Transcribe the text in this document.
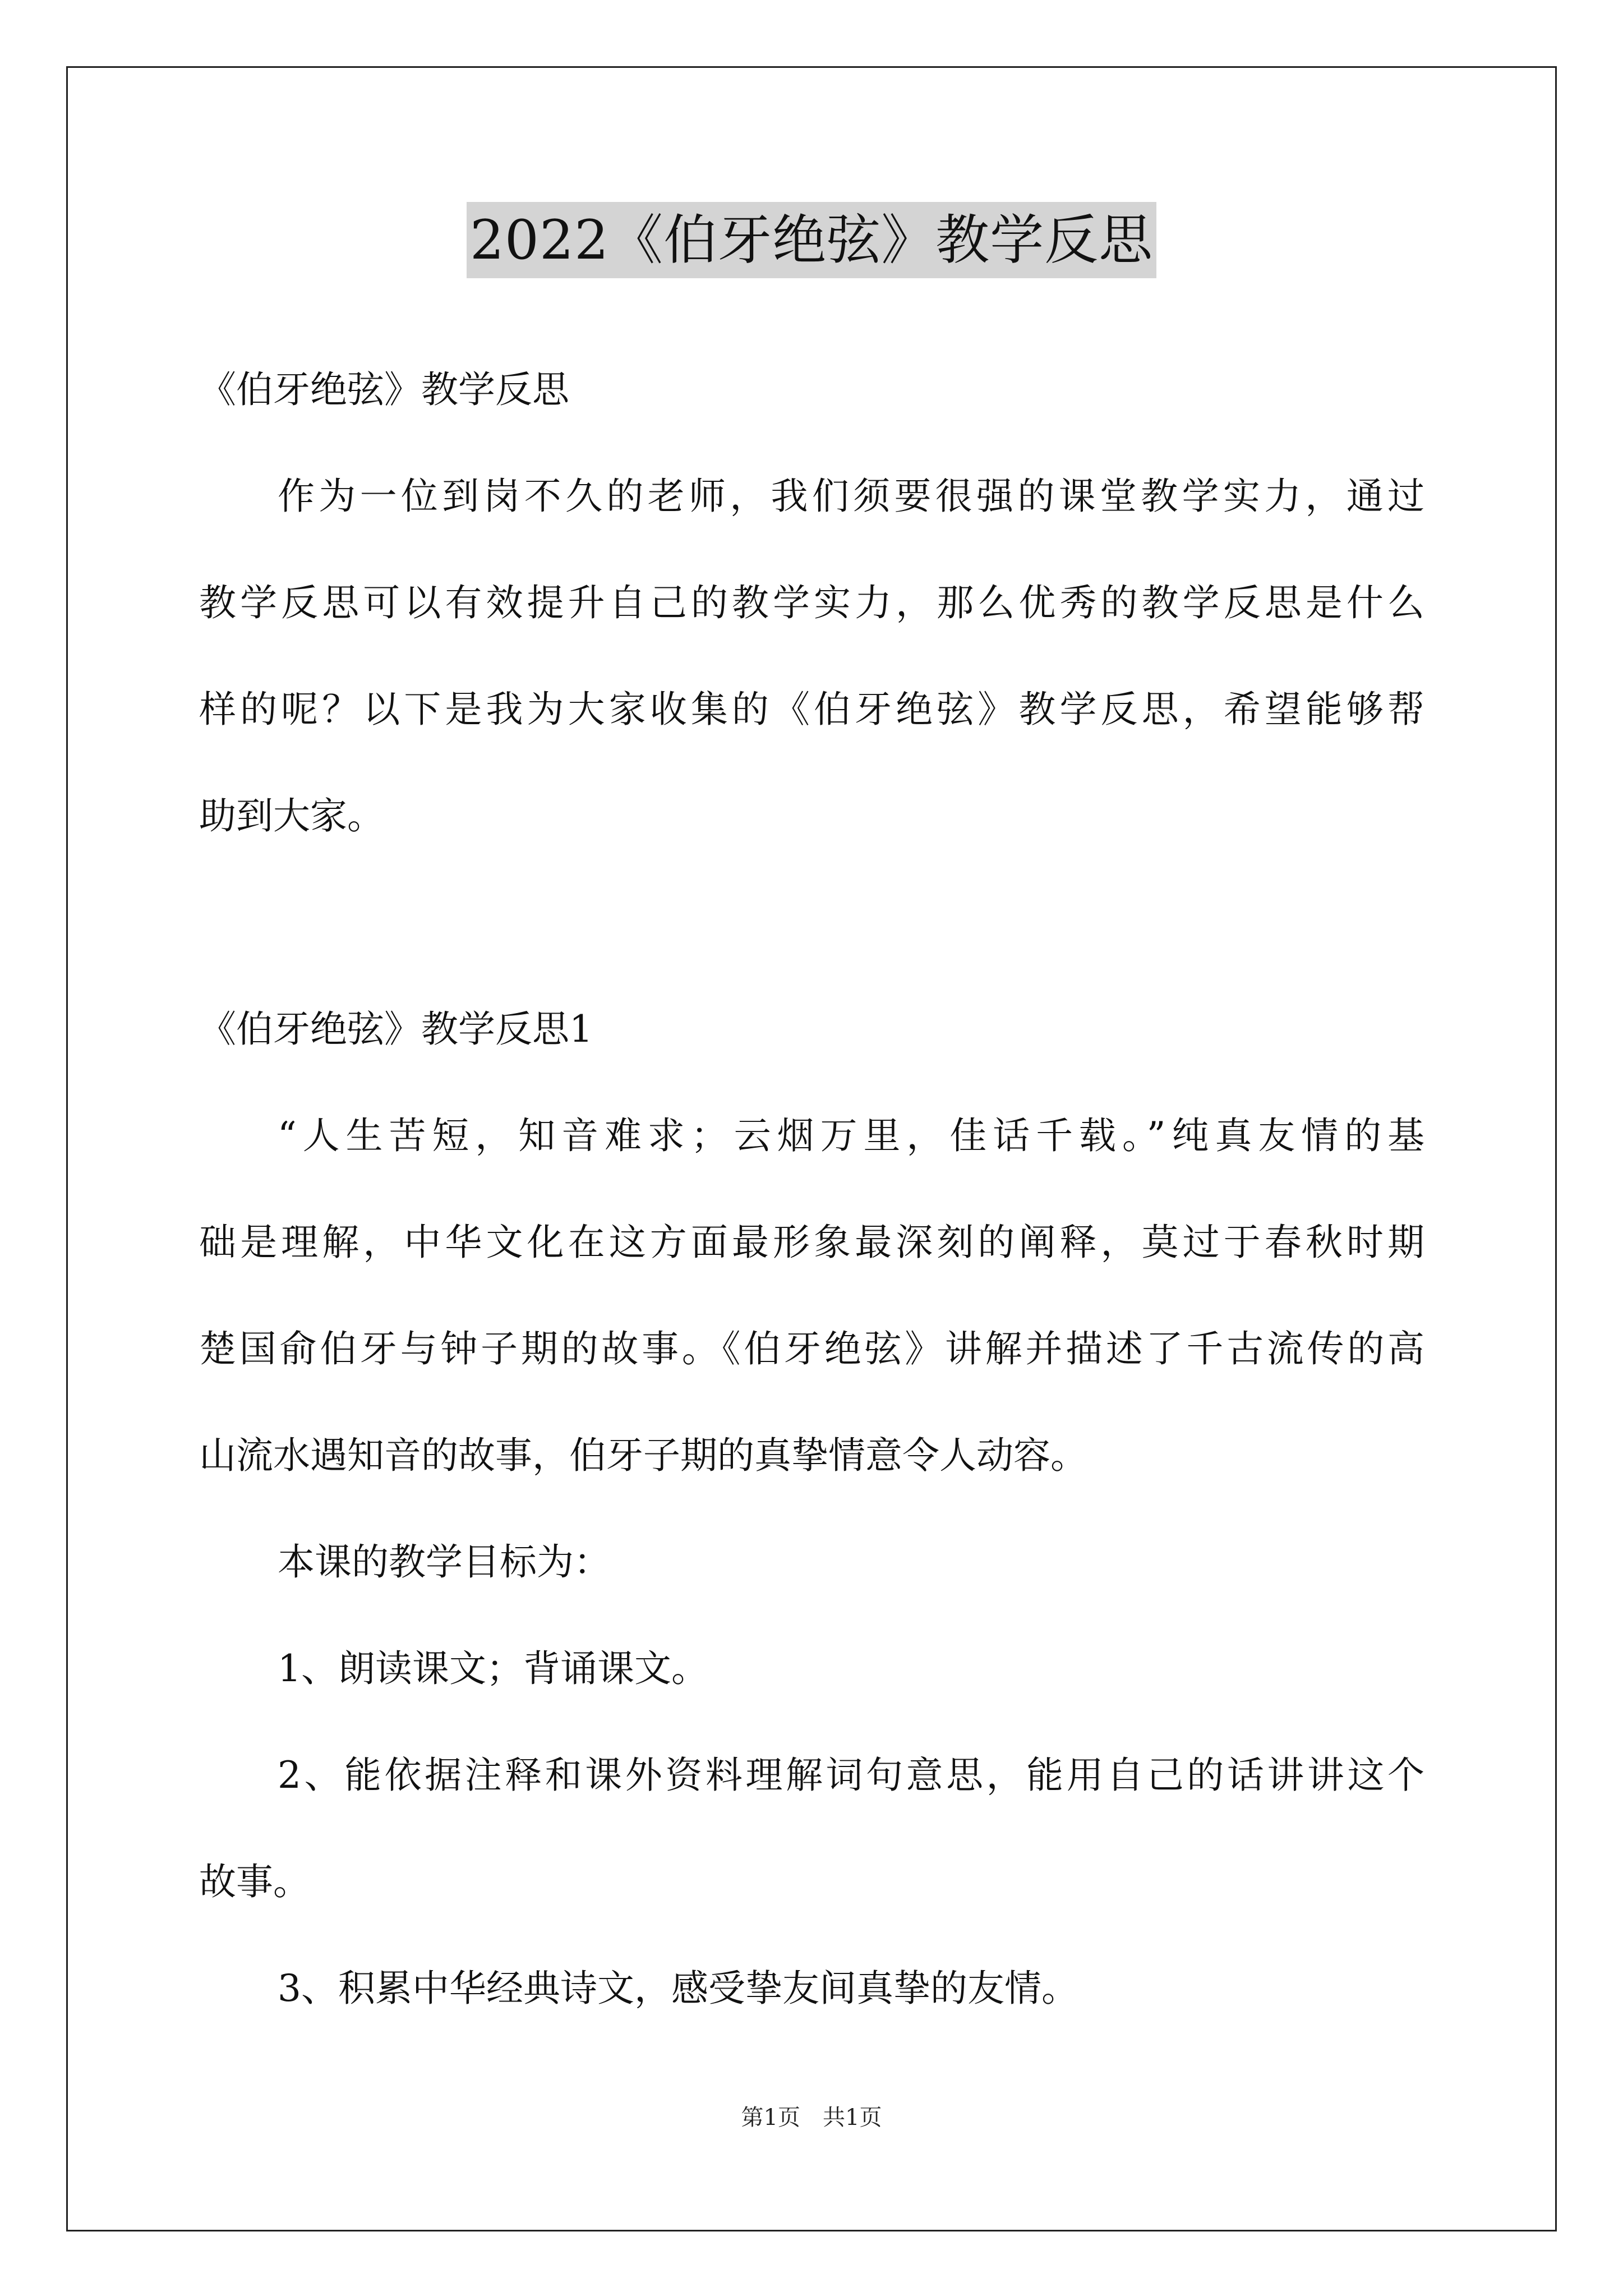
2022《伯牙绝弦》教学反思
《伯牙绝弦》教学反思
作为一位到岗不久的老师，我们须要很强的课堂教学实力，通过
教学反思可以有效提升自己的教学实力，那么优秀的教学反思是什么
样的呢？以下是我为大家收集的《伯牙绝弦》教学反思，希望能够帮
助到大家。
《伯牙绝弦》教学反思1
“人生苦短，知音难求；云烟万里，佳话千载。”纯真友情的基
础是理解，中华文化在这方面最形象最深刻的阐释，莫过于春秋时期
楚国俞伯牙与钟子期的故事。《伯牙绝弦》讲解并描述了千古流传的高
山流水遇知音的故事，伯牙子期的真挚情意令人动容。
本课的教学目标为：
1、朗读课文；背诵课文。
2、能依据注释和课外资料理解词句意思，能用自己的话讲讲这个
故事。
3、积累中华经典诗文，感受挚友间真挚的友情。
第1页　共1页
